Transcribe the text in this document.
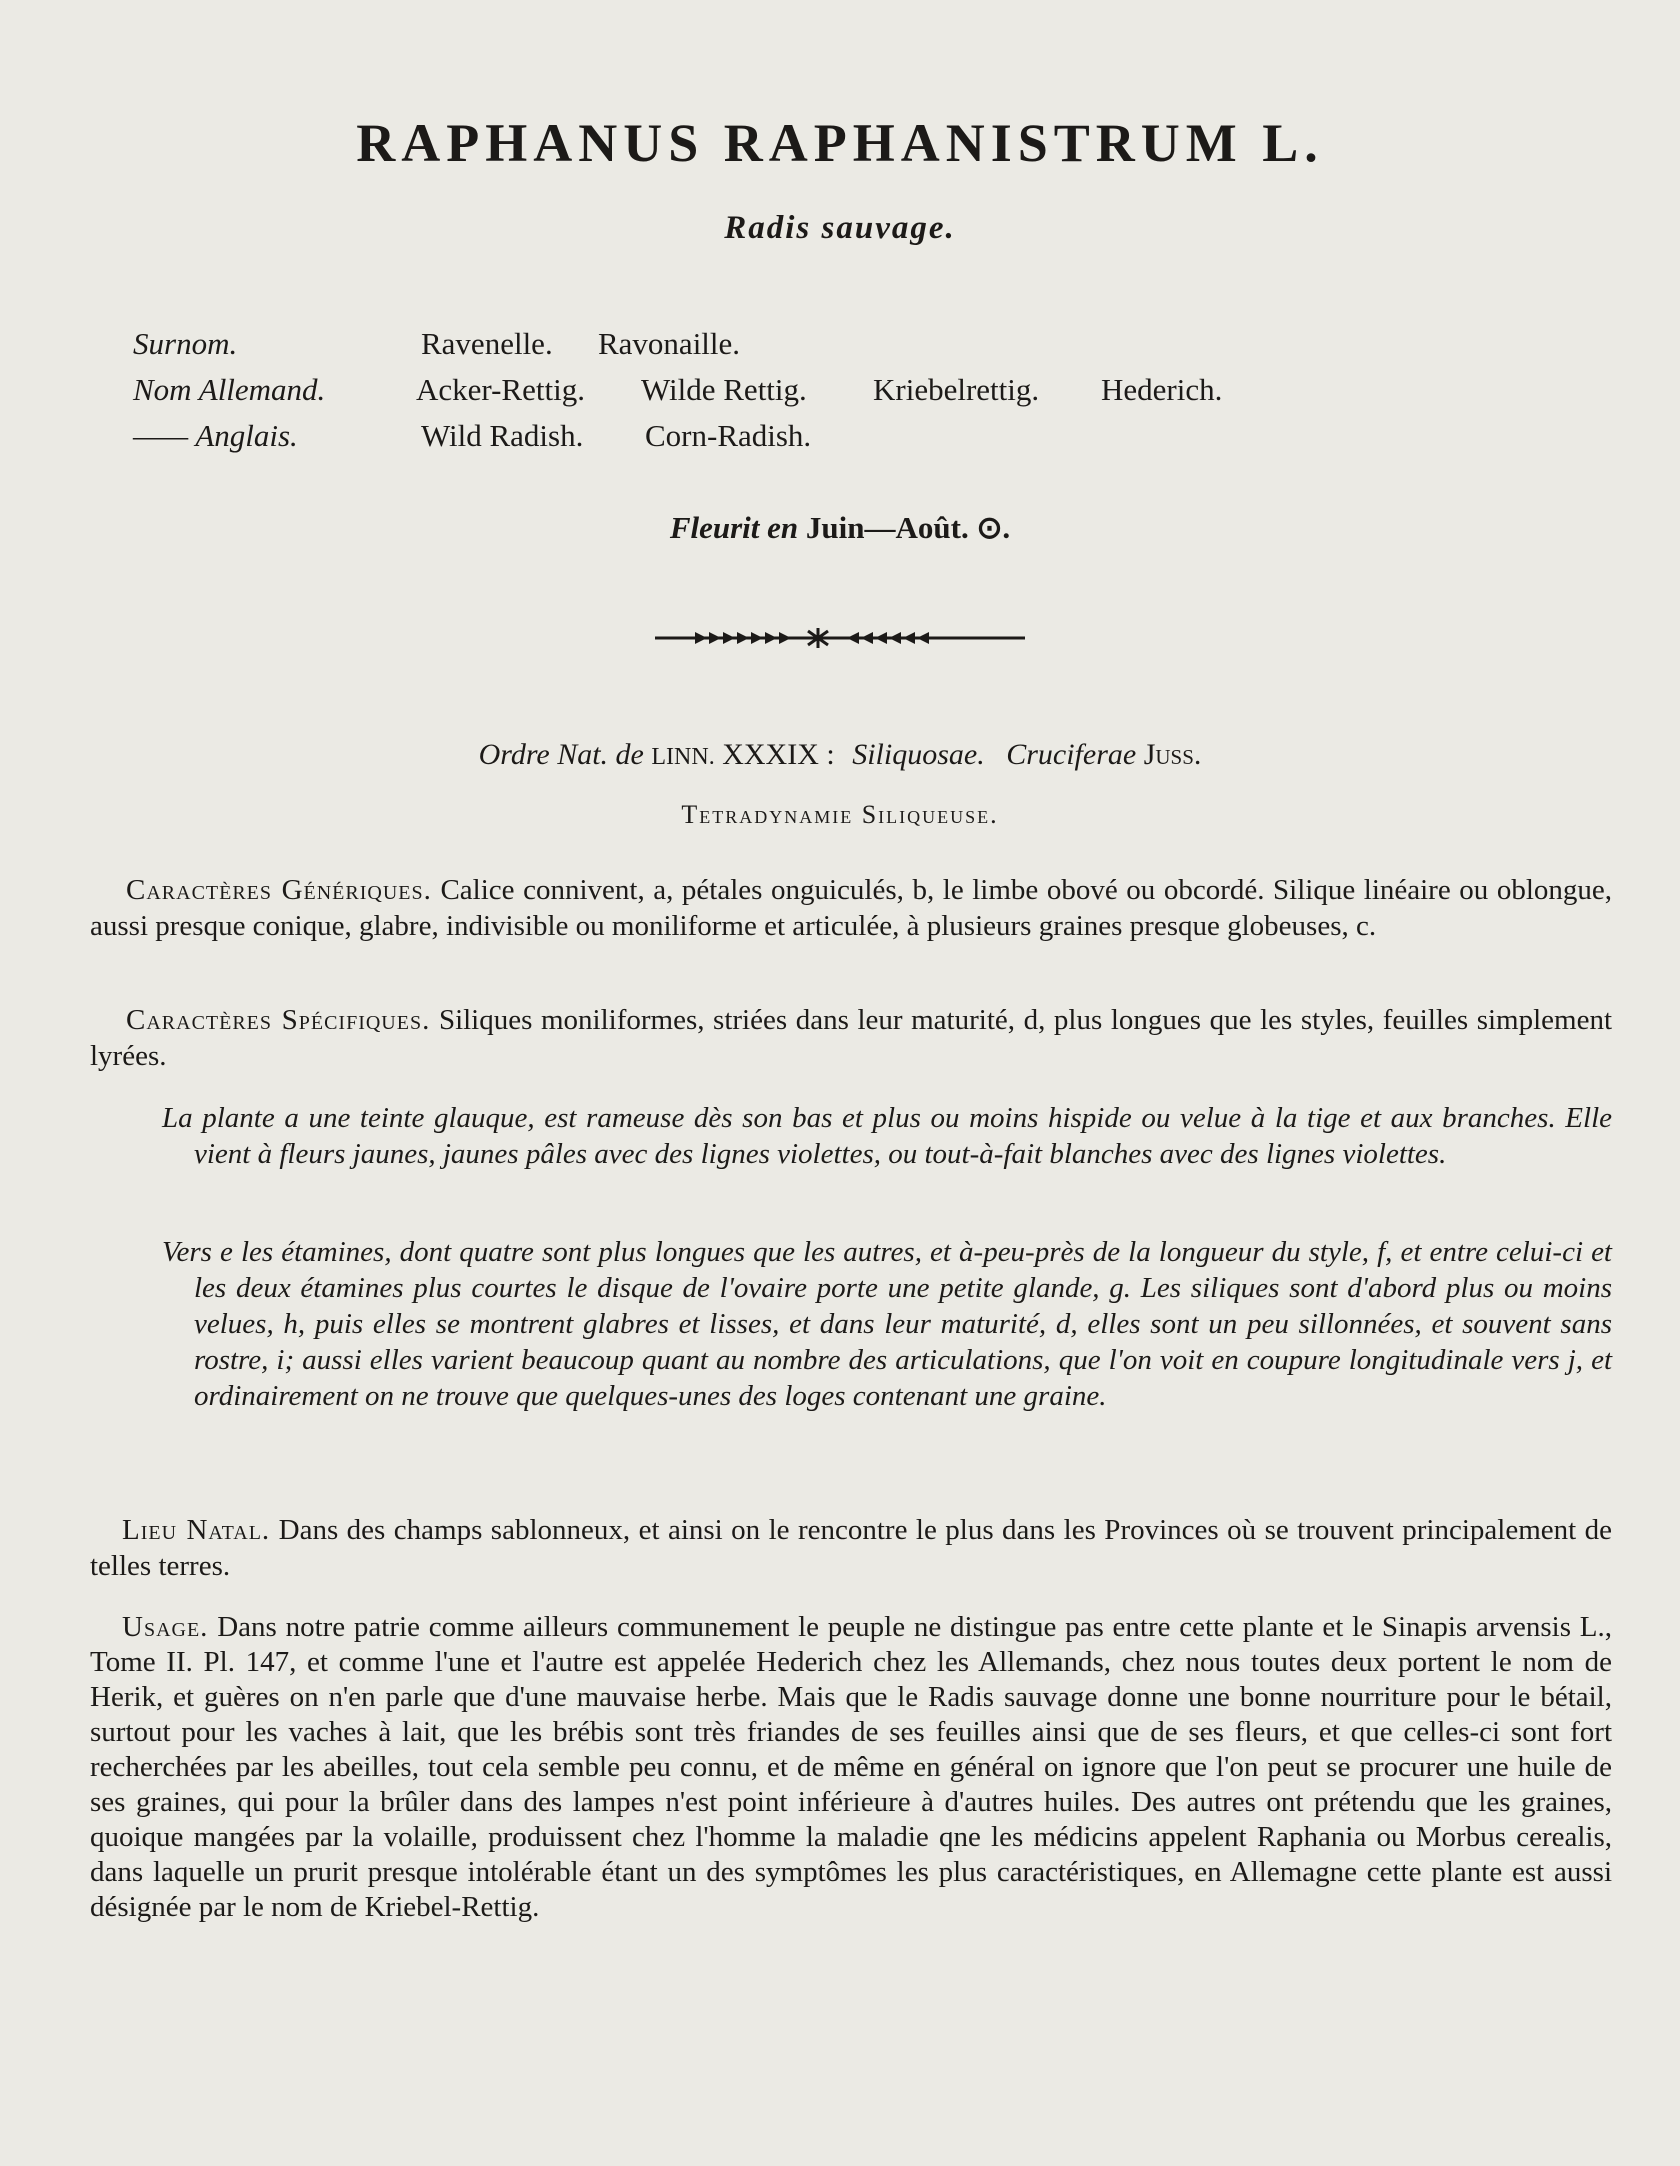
RAPHANUS RAPHANISTRUM L.
Radis sauvage.
Surnom.	Ravenelle. Ravonaille.
Nom Allemand.	Acker-Rettig. Wilde Rettig. Kriebelrettig. Hederich.
—— Anglais.	Wild Radish. Corn-Radish.
Fleurit en Juin—Août. ⊙.
Ordre Nat. de LINN. XXXIX : Siliquosae. Cruciferae Juss.
Tetradynamie Siliqueuse.
Caractères Génériques. Calice connivent, a, pétales onguiculés, b, le limbe obové ou obcordé. Silique linéaire ou oblongue, aussi presque conique, glabre, indivisible ou moniliforme et articulée, à plusieurs graines presque globeuses, c.
Caractères Spécifiques. Siliques moniliformes, striées dans leur maturité, d, plus longues que les styles, feuilles simplement lyrées.

La plante a une teinte glauque, est rameuse dès son bas et plus ou moins hispide ou velue à la tige et aux branches. Elle vient à fleurs jaunes, jaunes pâles avec des lignes violettes, ou tout-à-fait blanches avec des lignes violettes.

Vers e les étamines, dont quatre sont plus longues que les autres, et à-peu-près de la longueur du style, f, et entre celui-ci et les deux étamines plus courtes le disque de l'ovaire porte une petite glande, g. Les siliques sont d'abord plus ou moins velues, h, puis elles se montrent glabres et lisses, et dans leur maturité, d, elles sont un peu sillonnées, et souvent sans rostre, i; aussi elles varient beaucoup quant au nombre des articulations, que l'on voit en coupure longitudinale vers j, et ordinairement on ne trouve que quelques-unes des loges contenant une graine.

Lieu Natal. Dans des champs sablonneux, et ainsi on le rencontre le plus dans les Provinces où se trouvent principalement de telles terres.
Usage. Dans notre patrie comme ailleurs communement le peuple ne distingue pas entre cette plante et le Sinapis arvensis L., Tome II. Pl. 147, et comme l'une et l'autre est appelée Hederich chez les Allemands, chez nous toutes deux portent le nom de Herik, et guères on n'en parle que d'une mauvaise herbe. Mais que le Radis sauvage donne une bonne nourriture pour le bétail, surtout pour les vaches à lait, que les brébis sont très friandes de ses feuilles ainsi que de ses fleurs, et que celles-ci sont fort recherchées par les abeilles, tout cela semble peu connu, et de même en général on ignore que l'on peut se procurer une huile de ses graines, qui pour la brûler dans des lampes n'est point inférieure à d'autres huiles. Des autres ont prétendu que les graines, quoique mangées par la volaille, produissent chez l'homme la maladie qne les médicins appelent Raphania ou Morbus cerealis, dans laquelle un prurit presque intolérable étant un des symptômes les plus caractéristiques, en Allemagne cette plante est aussi désignée par le nom de Kriebel-Rettig.
